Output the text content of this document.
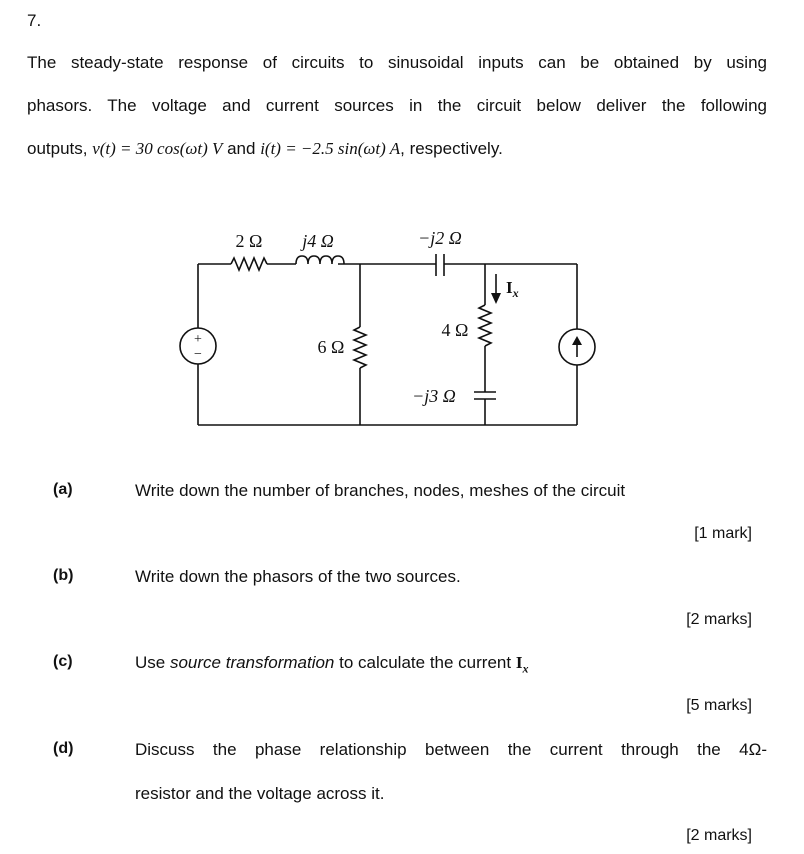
7.
The steady-state response of circuits to sinusoidal inputs can be obtained by using
phasors. The voltage and current sources in the circuit below deliver the following
outputs, v(t) = 30 cos(ωt) V and i(t) = −2.5 sin(ωt) A, respectively.
+
−
2 Ω j4 Ω	−j2 Ω
6 Ω
4 Ω
−j3 Ω
$I_x$
(a)	Write down the number of branches, nodes, meshes of the circuit
[1 mark]
(b)	Write down the phasors of the two sources.
[2 marks]
(c)	Use source transformation to calculate the current $I_x$
[5 marks]
(d)	Discuss the phase relationship between the current through the 4Ω-
resistor and the voltage across it.
[2 marks]
